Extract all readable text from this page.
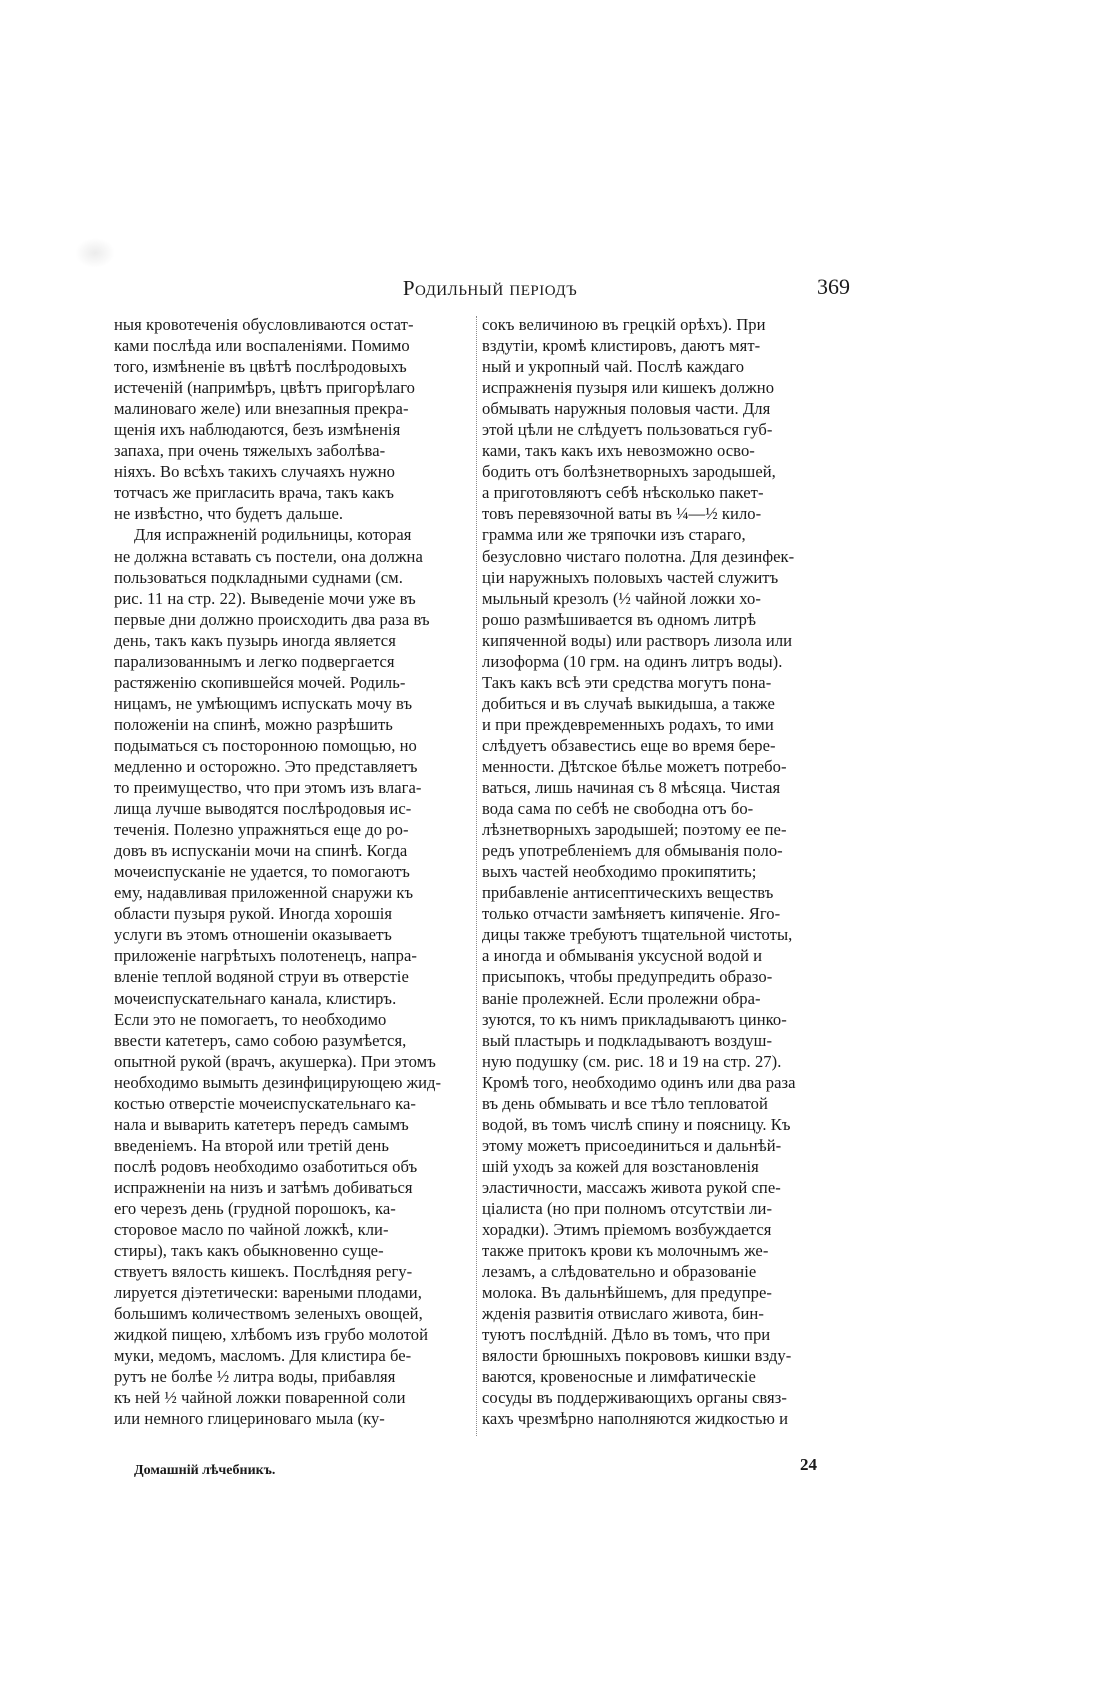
Родильный періодъ	369
ныя кровотеченія обусловливаются остат-
ками послѣда или воспаленіями. Помимо
того, измѣненіе въ цвѣтѣ послѣродовыхъ
истеченій (напримѣръ, цвѣтъ пригорѣлаго
малиноваго желе) или внезапныя прекра-
щенія ихъ наблюдаются, безъ измѣненія
запаха, при очень тяжелыхъ заболѣва-
ніяхъ. Во всѣхъ такихъ случаяхъ нужно
тотчасъ же пригласить врача, такъ какъ
не извѣстно, что будетъ дальше.
Для испражненій родильницы, которая
не должна вставать съ постели, она должна
пользоваться подкладными суднами (см.
рис. 11 на стр. 22). Выведеніе мочи уже въ
первые дни должно происходить два раза въ
день, такъ какъ пузырь иногда является
парализованнымъ и легко подвергается
растяженію скопившейся мочей. Родиль-
ницамъ, не умѣющимъ испускать мочу въ
положеніи на спинѣ, можно разрѣшить
подыматься съ посторонною помощью, но
медленно и осторожно. Это представляетъ
то преимущество, что при этомъ изъ влага-
лища лучше выводятся послѣродовыя ис-
теченія. Полезно упражняться еще до ро-
довъ въ испусканіи мочи на спинѣ. Когда
мочеиспусканіе не удается, то помогаютъ
ему, надавливая приложенной снаружи къ
области пузыря рукой. Иногда хорошія
услуги въ этомъ отношеніи оказываетъ
приложеніе нагрѣтыхъ полотенецъ, напра-
вленіе теплой водяной струи въ отверстіе
мочеиспускательнаго канала, клистиръ.
Если это не помогаетъ, то необходимо
ввести катетеръ, само собою разумѣется,
опытной рукой (врачъ, акушерка). При этомъ
необходимо вымыть дезинфицирующею жид-
костью отверстіе мочеиспускательнаго ка-
нала и выварить катетеръ передъ самымъ
введеніемъ. На второй или третій день
послѣ родовъ необходимо озаботиться объ
испражненіи на низъ и затѣмъ добиваться
его черезъ день (грудной порошокъ, ка-
сторовое масло по чайной ложкѣ, кли-
стиры), такъ какъ обыкновенно суще-
ствуетъ вялость кишекъ. Послѣдняя регу-
лируется діэтетически: вареными плодами,
большимъ количествомъ зеленыхъ овощей,
жидкой пищею, хлѣбомъ изъ грубо молотой
муки, медомъ, масломъ. Для клистира бе-
рутъ не болѣе ½ литра воды, прибавляя
къ ней ½ чайной ложки поваренной соли
или немного глицериноваго мыла (ку-
сокъ величиною въ грецкій орѣхъ). При
вздутіи, кромѣ клистировъ, даютъ мят-
ный и укропный чай. Послѣ каждаго
испражненія пузыря или кишекъ должно
обмывать наружныя половыя части. Для
этой цѣли не слѣдуетъ пользоваться губ-
ками, такъ какъ ихъ невозможно осво-
бодить отъ болѣзнетворныхъ зародышей,
а приготовляютъ себѣ нѣсколько пакет-
товъ перевязочной ваты въ ¼—½ кило-
грамма или же тряпочки изъ стараго,
безусловно чистаго полотна. Для дезинфек-
ціи наружныхъ половыхъ частей служитъ
мыльный крезолъ (½ чайной ложки хо-
рошо размѣшивается въ одномъ литрѣ
кипяченной воды) или растворъ лизола или
лизоформа (10 грм. на одинъ литръ воды).
Такъ какъ всѣ эти средства могутъ пона-
добиться и въ случаѣ выкидыша, а также
и при преждевременныхъ родахъ, то ими
слѣдуетъ обзавестись еще во время бере-
менности. Дѣтское бѣлье можетъ потребо-
ваться, лишь начиная съ 8 мѣсяца. Чистая
вода сама по себѣ не свободна отъ бо-
лѣзнетворныхъ зародышей; поэтому ее пе-
редъ употребленіемъ для обмыванія поло-
выхъ частей необходимо прокипятить;
прибавленіе антисептическихъ веществъ
только отчасти замѣняетъ кипяченіе. Яго-
дицы также требуютъ тщательной чистоты,
а иногда и обмыванія уксусной водой и
присыпокъ, чтобы предупредить образо-
ваніе пролежней. Если пролежни обра-
зуются, то къ нимъ прикладываютъ цинко-
вый пластырь и подкладываютъ воздуш-
ную подушку (см. рис. 18 и 19 на стр. 27).
Кромѣ того, необходимо одинъ или два раза
въ день обмывать и все тѣло тепловатой
водой, въ томъ числѣ спину и поясницу. Къ
этому можетъ присоединиться и дальнѣй-
шій уходъ за кожей для возстановленія
эластичности, массажъ живота рукой спе-
ціалиста (но при полномъ отсутствіи ли-
хорадки). Этимъ пріемомъ возбуждается
также притокъ крови къ молочнымъ же-
лезамъ, а слѣдовательно и образованіе
молока. Въ дальнѣйшемъ, для предупре-
жденія развитія отвислаго живота, бин-
туютъ послѣдній. Дѣло въ томъ, что при
вялости брюшныхъ покрововъ кишки взду-
ваются, кровеносные и лимфатическіе
сосуды въ поддерживающихъ органы связ-
кахъ чрезмѣрно наполняются жидкостью и
Домашній лѣчебникъ.	24
